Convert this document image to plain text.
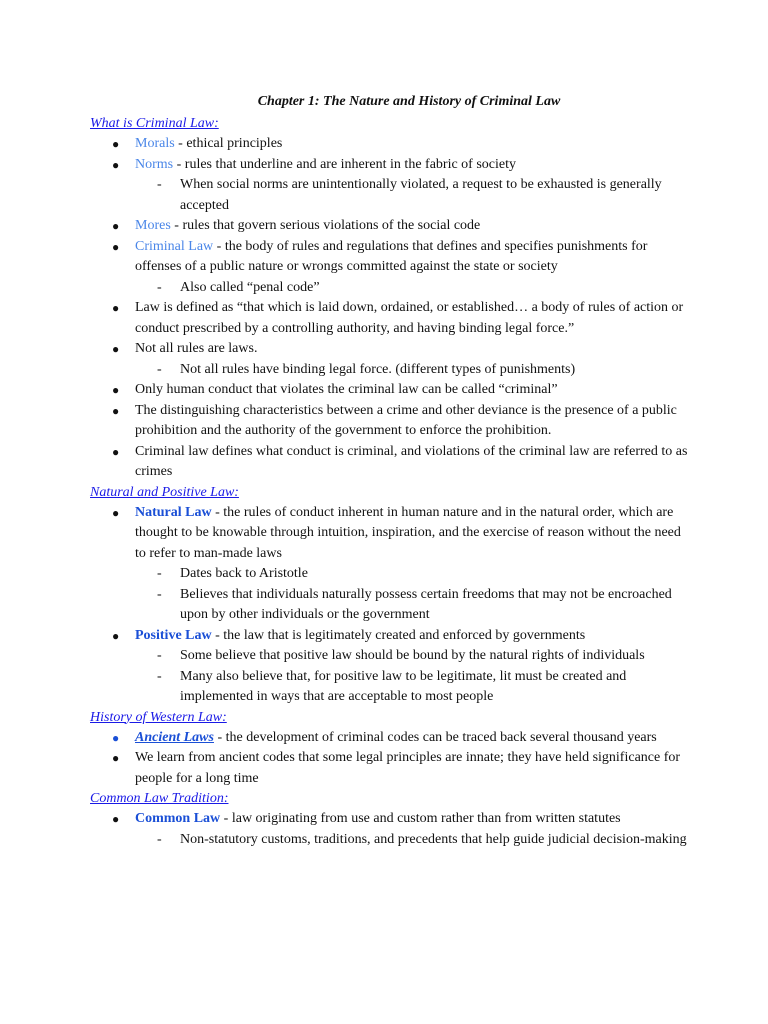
Chapter 1: The Nature and History of Criminal Law
What is Criminal Law:
● Morals - ethical principles
● Norms - rules that underline and are inherent in the fabric of society
- When social norms are unintentionally violated, a request to be exhausted is generally accepted
● Mores - rules that govern serious violations of the social code
● Criminal Law - the body of rules and regulations that defines and specifies punishments for offenses of a public nature or wrongs committed against the state or society
- Also called “penal code”
● Law is defined as “that which is laid down, ordained, or established… a body of rules of action or conduct prescribed by a controlling authority, and having binding legal force.”
● Not all rules are laws.
- Not all rules have binding legal force. (different types of punishments)
● Only human conduct that violates the criminal law can be called “criminal”
● The distinguishing characteristics between a crime and other deviance is the presence of a public prohibition and the authority of the government to enforce the prohibition.
● Criminal law defines what conduct is criminal, and violations of the criminal law are referred to as crimes
Natural and Positive Law:
● Natural Law - the rules of conduct inherent in human nature and in the natural order, which are thought to be knowable through intuition, inspiration, and the exercise of reason without the need to refer to man-made laws
- Dates back to Aristotle
- Believes that individuals naturally possess certain freedoms that may not be encroached upon by other individuals or the government
● Positive Law - the law that is legitimately created and enforced by governments
- Some believe that positive law should be bound by the natural rights of individuals
- Many also believe that, for positive law to be legitimate, lit must be created and implemented in ways that are acceptable to most people
History of Western Law:
● Ancient Laws - the development of criminal codes can be traced back several thousand years
● We learn from ancient codes that some legal principles are innate; they have held significance for people for a long time
Common Law Tradition:
● Common Law - law originating from use and custom rather than from written statutes
- Non-statutory customs, traditions, and precedents that help guide judicial decision-making
